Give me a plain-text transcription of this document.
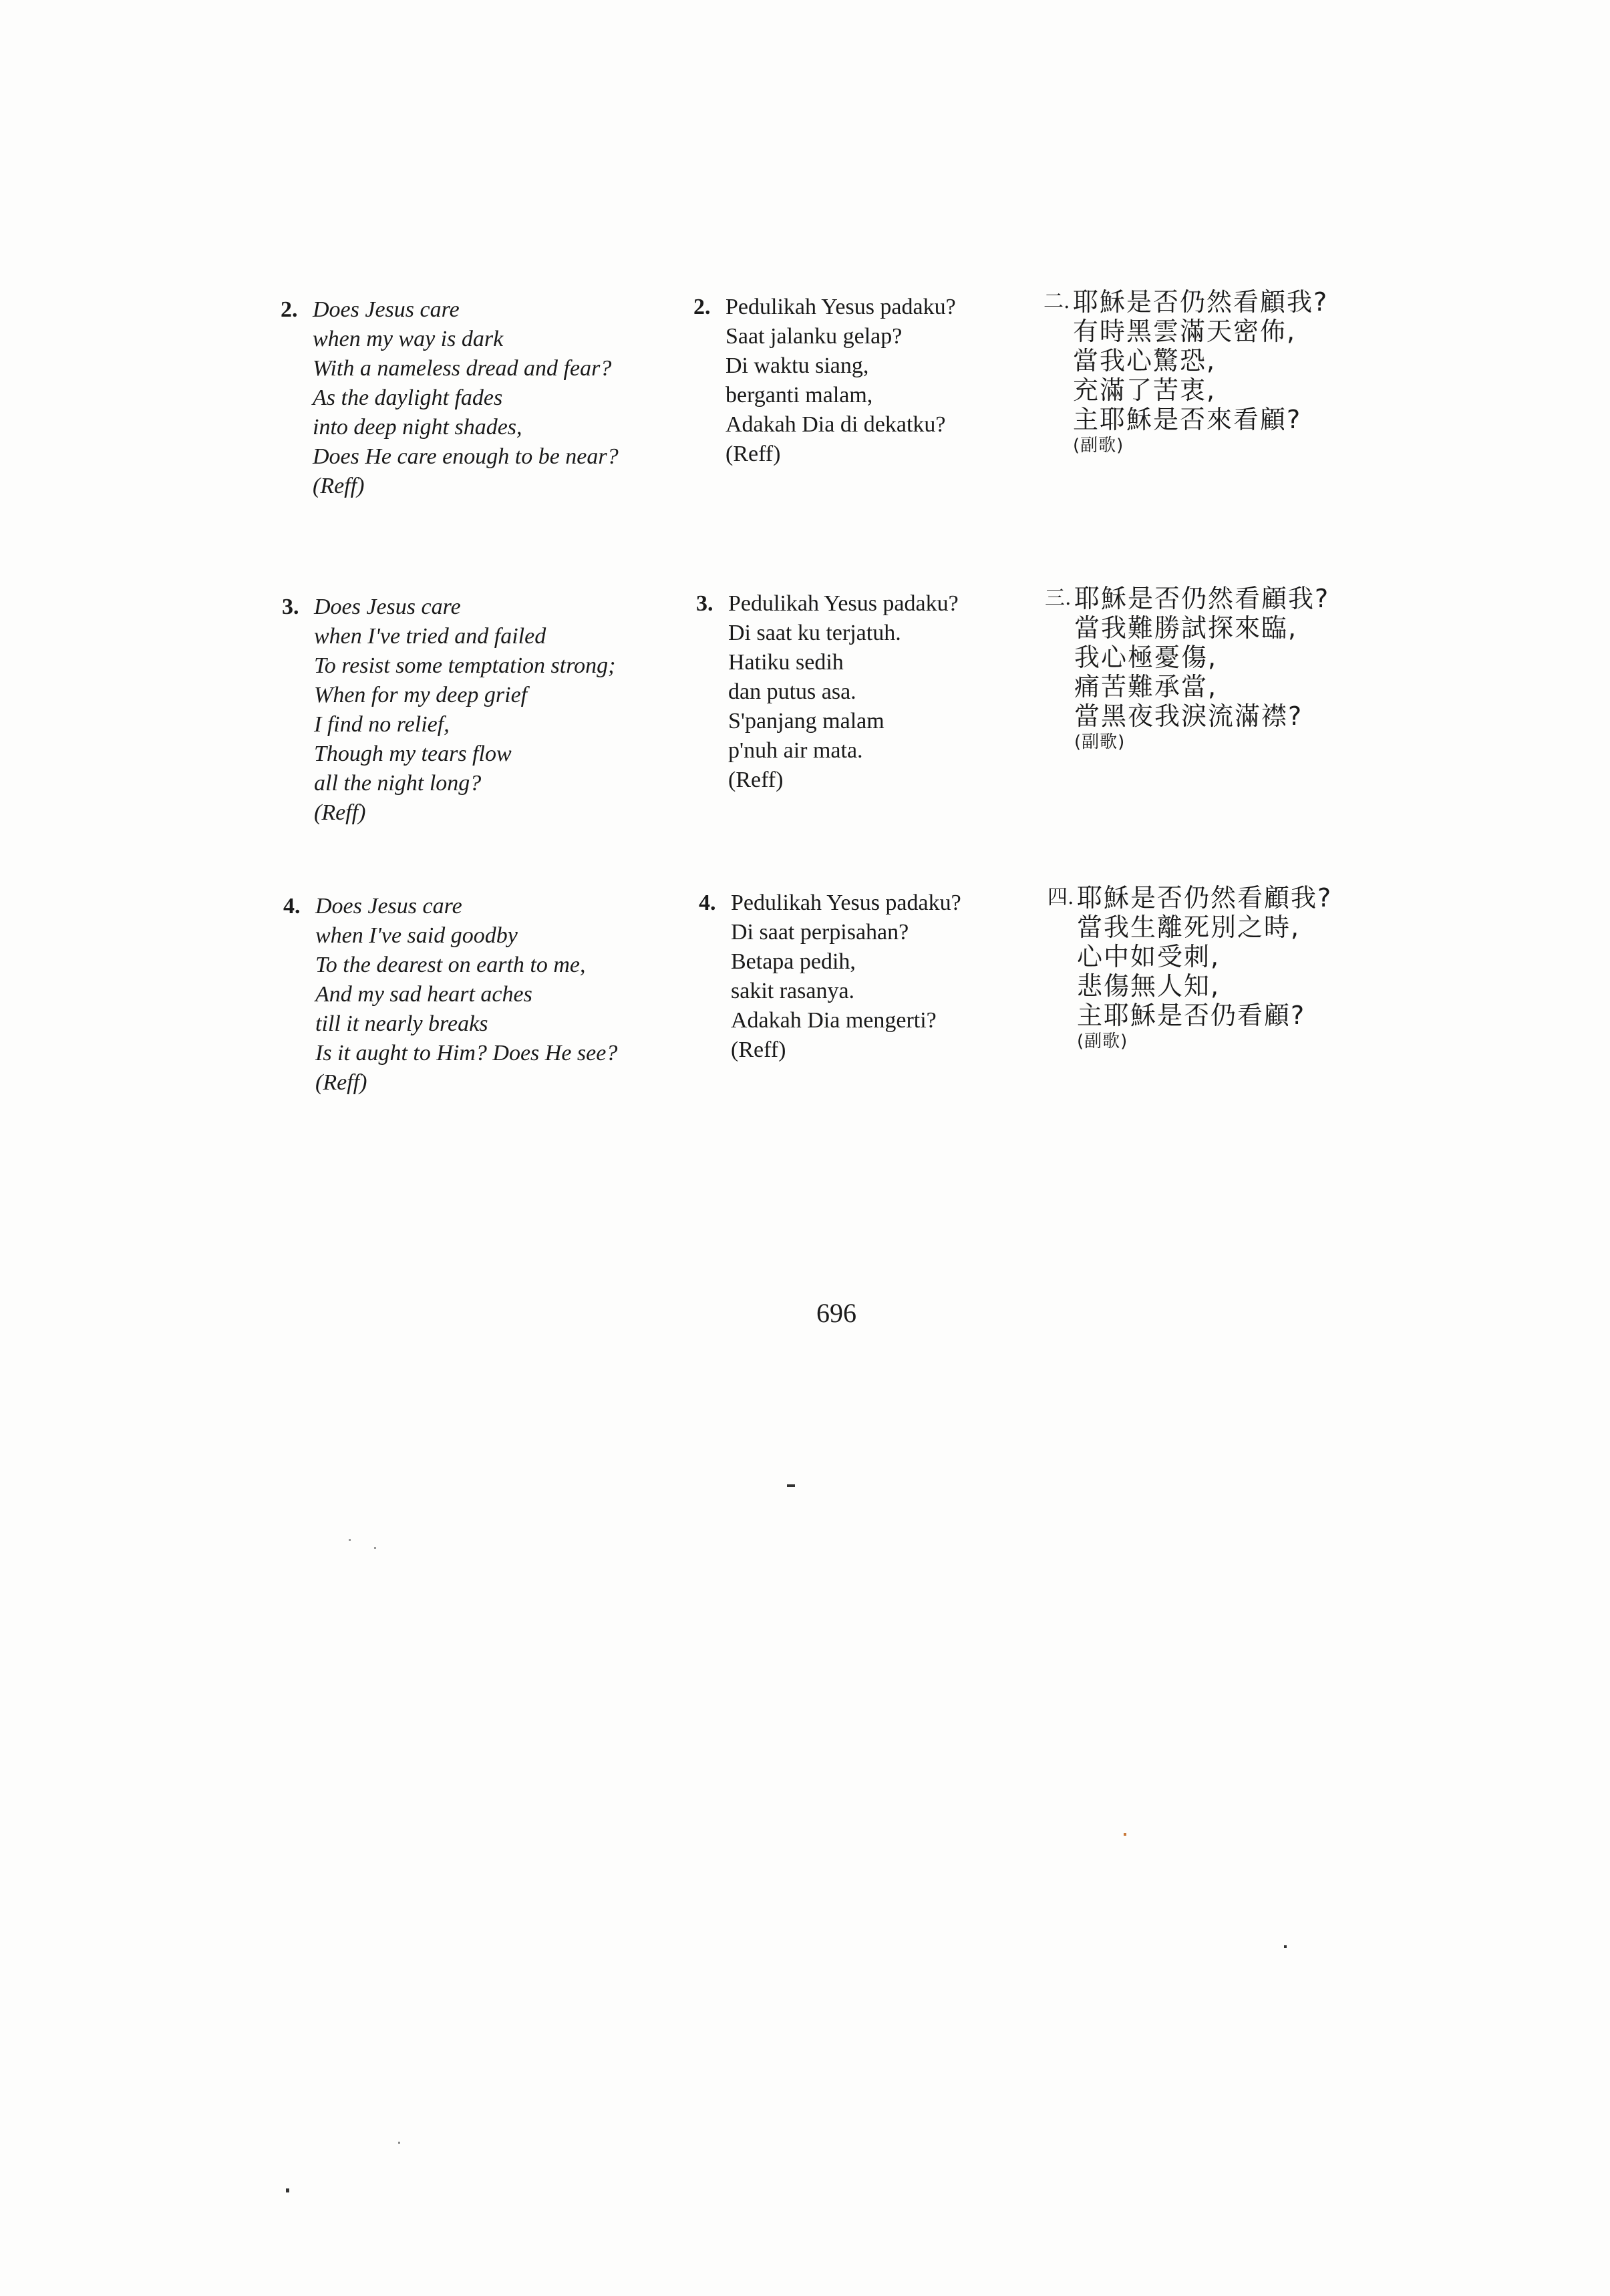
2. Does Jesus care
when my way is dark
With a nameless dread and fear?
As the daylight fades
into deep night shades,
Does He care enough to be near?
(Reff)
2. Pedulikah Yesus padaku?
Saat jalanku gelap?
Di waktu siang,
berganti malam,
Adakah Dia di dekatku?
(Reff)
二. 耶穌是否仍然看顧我?
有時黑雲滿天密佈,
當我心驚恐,
充滿了苦衷,
主耶穌是否來看顧?
(副歌)
3. Does Jesus care
when I've tried and failed
To resist some temptation strong;
When for my deep grief
I find no relief,
Though my tears flow
all the night long?
(Reff)
3. Pedulikah Yesus padaku?
Di saat ku terjatuh.
Hatiku sedih
dan putus asa.
S'panjang malam
p'nuh air mata.
(Reff)
三. 耶穌是否仍然看顧我?
當我難勝試探來臨,
我心極憂傷,
痛苦難承當,
當黑夜我淚流滿襟?
(副歌)
4. Does Jesus care
when I've said goodby
To the dearest on earth to me,
And my sad heart aches
till it nearly breaks
Is it aught to Him? Does He see?
(Reff)
4. Pedulikah Yesus padaku?
Di saat perpisahan?
Betapa pedih,
sakit rasanya.
Adakah Dia mengerti?
(Reff)
四. 耶穌是否仍然看顧我?
當我生離死別之時,
心中如受刺,
悲傷無人知,
主耶穌是否仍看顧?
(副歌)
696
